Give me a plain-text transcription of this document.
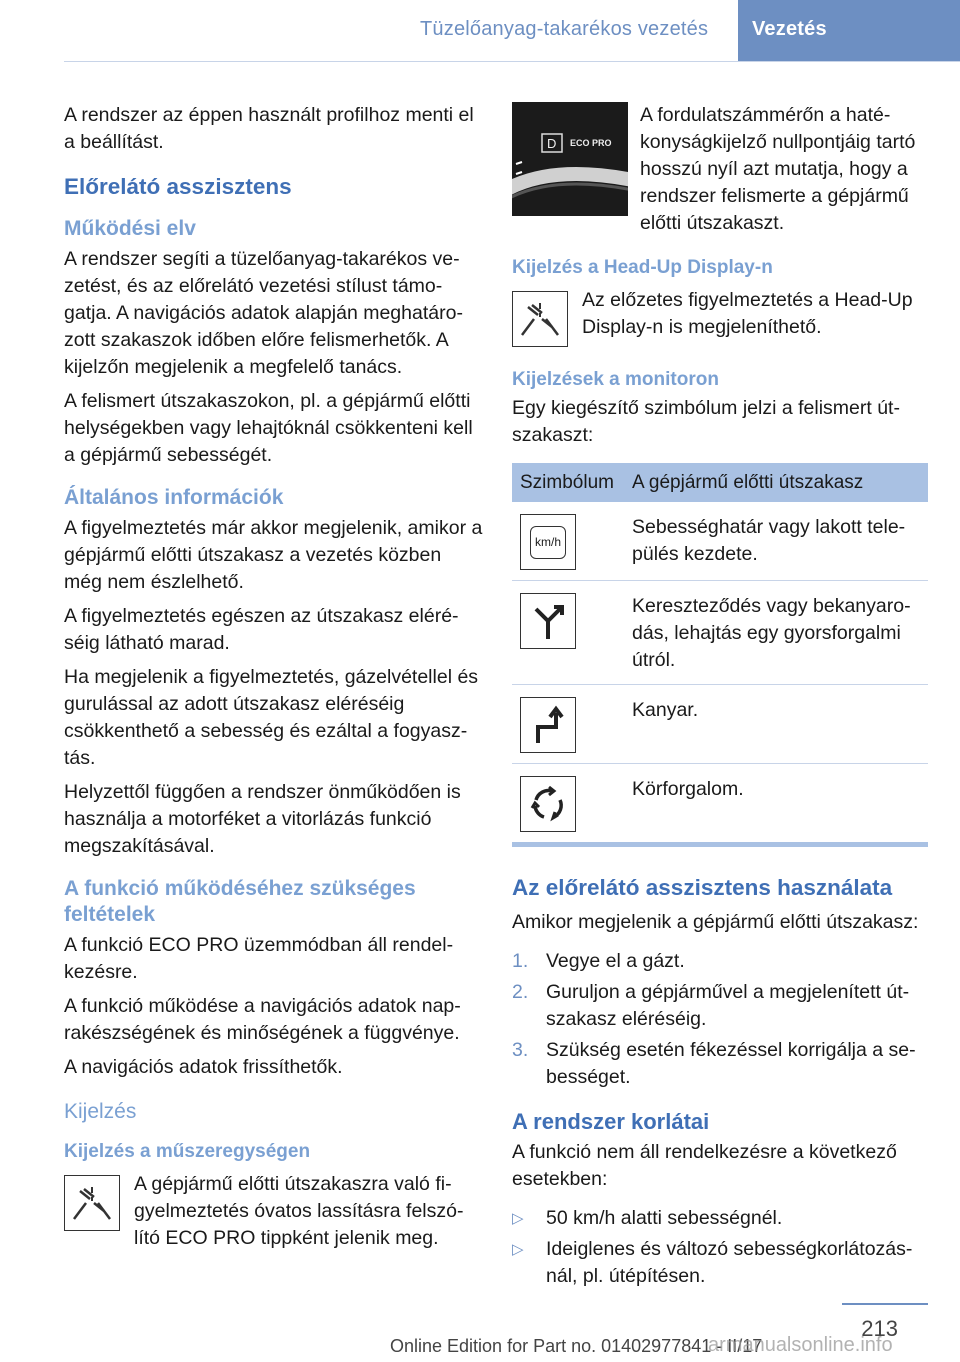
Tüzelőanyag-takarékos vezetés	Vezetés

A rendszer az éppen használt profilhoz menti el a beállítást.

Előrelátó asszisztens
Működési elv

A rendszer segíti a tüzelőanyag-takarékos ve‐zetést, és az előrelátó vezetési stílust támo‐gatja. A navigációs adatok alapján meghatáro‐zott szakaszok időben előre felismerhetők. A kijelzőn megjelenik a megfelelő tanács.

A felismert útszakaszokon, pl. a gépjármű előtti helységekben vagy lehajtóknál csökkenteni kell a gépjármű sebességét.

Általános információk

A figyelmeztetés már akkor megjelenik, amikor a gépjármű előtti útszakasz a vezetés közben még nem észlelhető.

A figyelmeztetés egészen az útszakasz eléré‐séig látható marad.

Ha megjelenik a figyelmeztetés, gázelvétellel és gurulással az adott útszakasz eléréséig csökkenthető a sebesség és ezáltal a fogyasz‐tás.

Helyzettől függően a rendszer önműködően is használja a motorféket a vitorlázás funkció megszakításával.

A funkció működéséhez szükséges feltételek

A funkció ECO PRO üzemmódban áll rendel‐kezésre.

A funkció működése a navigációs adatok nap‐rakészségének és minőségének a függvénye.

A navigációs adatok frissíthetők.

Kijelzés
Kijelzés a műszeregységen

A gépjármű előtti útszakaszra való fi‐gyelmeztetés óvatos lassításra felszó‐lító ECO PRO tippként jelenik meg.

D ECO PRO

A fordulatszámmérőn a haté‐konyságkijelző nullpontjáig tartó hosszú nyíl azt mutatja, hogy a rendszer felismerte a gépjármű előtti útszakaszt.

Kijelzés a Head-Up Display-n

Az előzetes figyelmeztetés a Head-Up Display-n is megjeleníthető.

Kijelzések a monitoron

Egy kiegészítő szimbólum jelzi a felismert út‐szakaszt:

Szimbólum	A gépjármű előtti útszakasz

km/h	Sebességhatár vagy lakott tele‐pülés kezdete.

	Kereszteződés vagy bekanyaro‐dás, lehajtás egy gyorsforgalmi útról.

	Kanyar.

	Körforgalom.
Az előrelátó asszisztens használata

Amikor megjelenik a gépjármű előtti útszakasz:

1. Vegye el a gázt.
2. Guruljon a gépjárművel a megjelenített út‐szakasz eléréséig.
3. Szükség esetén fékezéssel korrigálja a se‐bességet.
A rendszer korlátai

A funkció nem áll rendelkezésre a következő esetekben:

▷	50 km/h alatti sebességnél.
▷	Ideiglenes és változó sebességkorlátozás‐nál, pl. útépítésen.
213
Online Edition for Part no. 01402977841 - II/17
armanualsonline.info
